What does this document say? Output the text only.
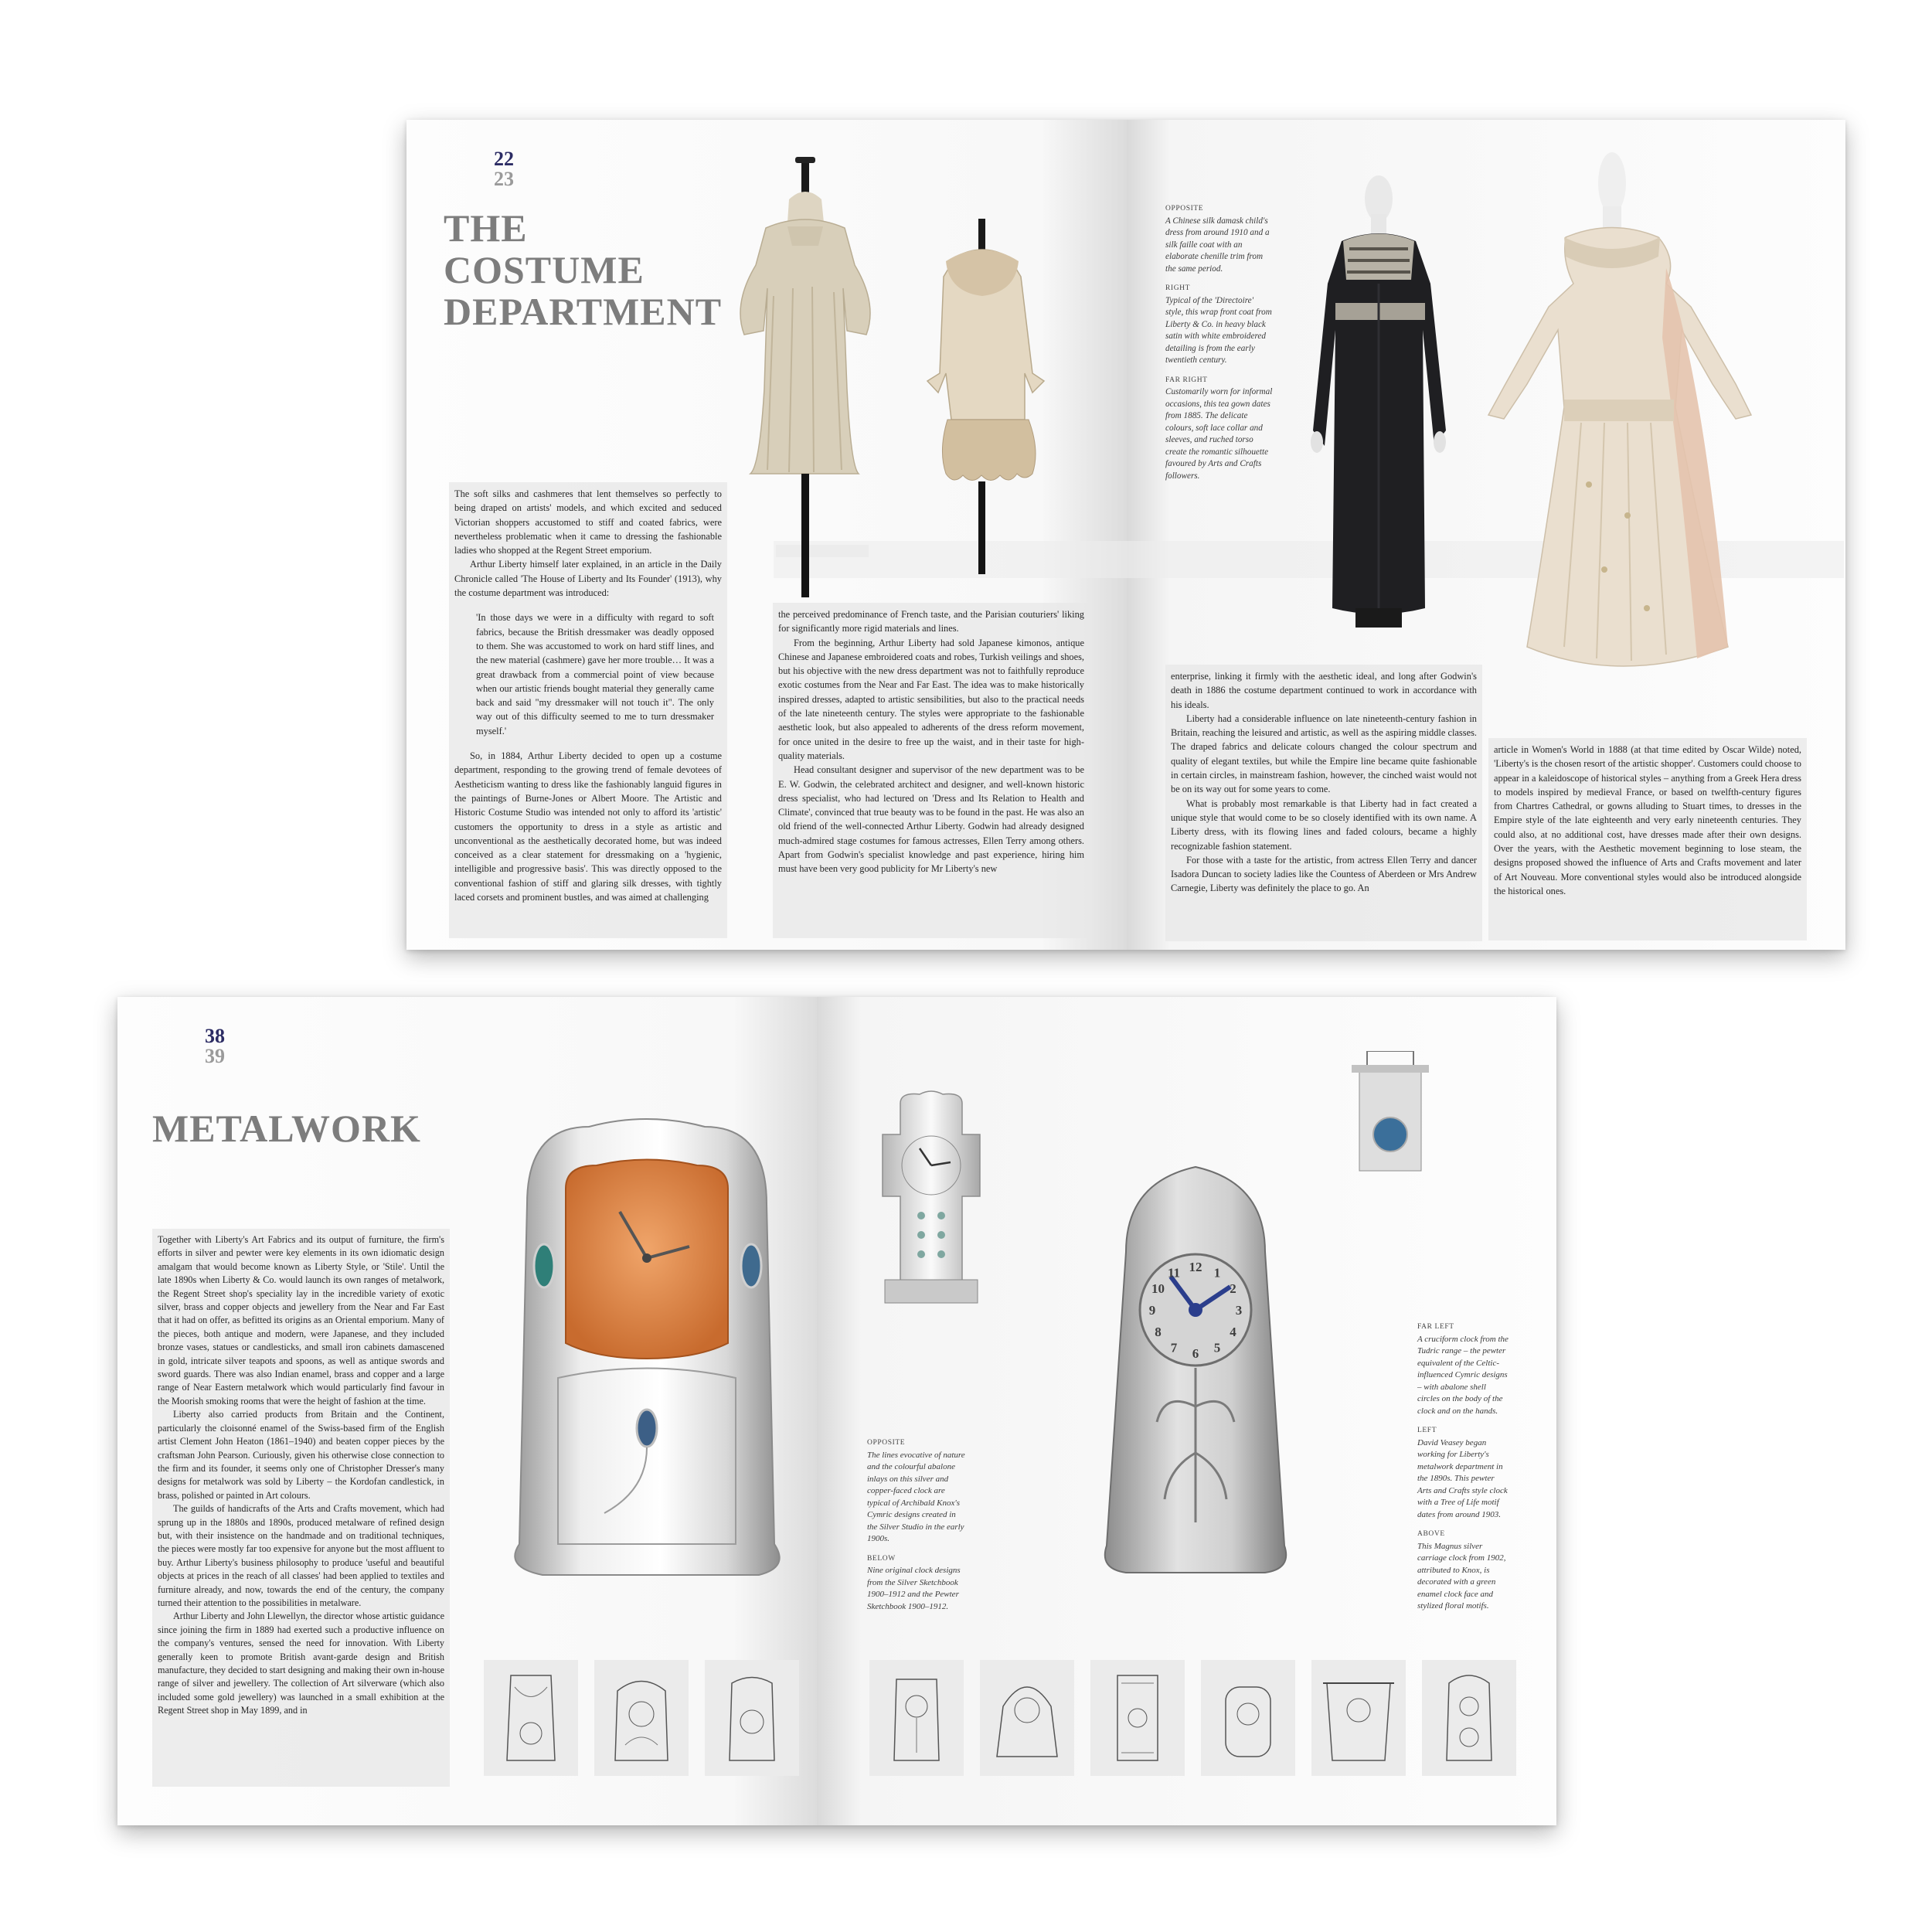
22
23
THE
COSTUME
DEPARTMENT

The soft silks and cashmeres that lent themselves so perfectly to being draped on artists' models, and which excited and seduced Victorian shoppers accustomed to stiff and coated fabrics, were nevertheless problematic when it came to dressing the fashionable ladies who shopped at the Regent Street emporium.

Arthur Liberty himself later explained, in an article in the Daily Chronicle called 'The House of Liberty and Its Founder' (1913), why the costume department was introduced:

'In those days we were in a difficulty with regard to soft fabrics, because the British dressmaker was deadly opposed to them. She was accustomed to work on hard stiff lines, and the new material (cashmere) gave her more trouble… It was a great drawback from a commercial point of view because when our artistic friends bought material they generally came back and said "my dressmaker will not touch it". The only way out of this difficulty seemed to me to turn dressmaker myself.'

So, in 1884, Arthur Liberty decided to open up a costume department, responding to the growing trend of female devotees of Aestheticism wanting to dress like the fashionably languid figures in the paintings of Burne-Jones or Albert Moore. The Artistic and Historic Costume Studio was intended not only to afford its 'artistic' customers the opportunity to dress in a style as artistic and unconventional as the aesthetically decorated home, but was indeed conceived as a clear statement for dressmaking on a 'hygienic, intelligible and progressive basis'. This was directly opposed to the conventional fashion of stiff and glaring silk dresses, with tightly laced corsets and prominent bustles, and was aimed at challenging

the perceived predominance of French taste, and the Parisian couturiers' liking for significantly more rigid materials and lines.

From the beginning, Arthur Liberty had sold Japanese kimonos, antique Chinese and Japanese embroidered coats and robes, Turkish veilings and shoes, but his objective with the new dress department was not to faithfully reproduce exotic costumes from the Near and Far East. The idea was to make historically inspired dresses, adapted to artistic sensibilities, but also to the practical needs of the late nineteenth century. The styles were appropriate to the fashionable aesthetic look, but also appealed to adherents of the dress reform movement, for once united in the desire to free up the waist, and in their taste for high-quality materials.

Head consultant designer and supervisor of the new department was to be E. W. Godwin, the celebrated architect and designer, and well-known historic dress specialist, who had lectured on 'Dress and Its Relation to Health and Climate', convinced that true beauty was to be found in the past. He was also an old friend of the well-connected Arthur Liberty. Godwin had already designed much-admired stage costumes for famous actresses, Ellen Terry among others. Apart from Godwin's specialist knowledge and past experience, hiring him must have been very good publicity for Mr Liberty's new

OPPOSITE
A Chinese silk damask child's dress from around 1910 and a silk faille coat with an elaborate chenille trim from the same period.
RIGHT
Typical of the 'Directoire' style, this wrap front coat from Liberty & Co. in heavy black satin with white embroidered detailing is from the early twentieth century.
FAR RIGHT
Customarily worn for informal occasions, this tea gown dates from 1885. The delicate colours, soft lace collar and sleeves, and ruched torso create the romantic silhouette favoured by Arts and Crafts followers.

enterprise, linking it firmly with the aesthetic ideal, and long after Godwin's death in 1886 the costume department continued to work in accordance with his ideals.

Liberty had a considerable influence on late nineteenth-century fashion in Britain, reaching the leisured and artistic, as well as the aspiring middle classes. The draped fabrics and delicate colours changed the colour spectrum and quality of elegant textiles, but while the Empire line became quite fashionable in certain circles, in mainstream fashion, however, the cinched waist would not be on its way out for some years to come.

What is probably most remarkable is that Liberty had in fact created a unique style that would come to be so closely identified with its own name. A Liberty dress, with its flowing lines and faded colours, became a highly recognizable fashion statement.

For those with a taste for the artistic, from actress Ellen Terry and dancer Isadora Duncan to society ladies like the Countess of Aberdeen or Mrs Andrew Carnegie, Liberty was definitely the place to go. An

article in Women's World in 1888 (at that time edited by Oscar Wilde) noted, 'Liberty's is the chosen resort of the artistic shopper'. Customers could choose to appear in a kaleidoscope of historical styles – anything from a Greek Hera dress to models inspired by medieval France, or based on twelfth-century figures from Chartres Cathedral, or gowns alluding to Stuart times, to dresses in the Empire style of the late eighteenth and very early nineteenth centuries. They could also, at no additional cost, have dresses made after their own designs. Over the years, with the Aesthetic movement beginning to lose steam, the designs proposed showed the influence of Arts and Crafts movement and later of Art Nouveau. More conventional styles would also be introduced alongside the historical ones.

38
39
METALWORK

Together with Liberty's Art Fabrics and its output of furniture, the firm's efforts in silver and pewter were key elements in its own idiomatic design amalgam that would become known as Liberty Style, or 'Stile'. Until the late 1890s when Liberty & Co. would launch its own ranges of metalwork, the Regent Street shop's speciality lay in the incredible variety of exotic silver, brass and copper objects and jewellery from the Near and Far East that it had on offer, as befitted its origins as an Oriental emporium. Many of the pieces, both antique and modern, were Japanese, and they included bronze vases, statues or candlesticks, and small iron cabinets damascened in gold, intricate silver teapots and spoons, as well as antique swords and sword guards. There was also Indian enamel, brass and copper and a large range of Near Eastern metalwork which would particularly find favour in the Moorish smoking rooms that were the height of fashion at the time.

Liberty also carried products from Britain and the Continent, particularly the cloisonné enamel of the Swiss-based firm of the English artist Clement John Heaton (1861–1940) and beaten copper pieces by the craftsman John Pearson. Curiously, given his otherwise close connection to the firm and its founder, it seems only one of Christopher Dresser's many designs for metalwork was sold by Liberty – the Kordofan candlestick, in brass, polished or painted in Art colours.

The guilds of handicrafts of the Arts and Crafts movement, which had sprung up in the 1880s and 1890s, produced metalware of refined design but, with their insistence on the handmade and on traditional techniques, the pieces were mostly far too expensive for anyone but the most affluent to buy. Arthur Liberty's business philosophy to produce 'useful and beautiful objects at prices in the reach of all classes' had been applied to textiles and furniture already, and now, towards the end of the century, the company turned their attention to the possibilities in metalware.

Arthur Liberty and John Llewellyn, the director whose artistic guidance since joining the firm in 1889 had exerted such a productive influence on the company's ventures, sensed the need for innovation. With Liberty generally keen to promote British avant-garde design and British manufacture, they decided to start designing and making their own in-house range of silver and jewellery. The collection of Art silverware (which also included some gold jewellery) was launched in a small exhibition at the Regent Street shop in May 1899, and in

12 1
2
3
4
5
6
7
8
9
10
11
OPPOSITE
The lines evocative of nature and the colourful abalone inlays on this silver and copper-faced clock are typical of Archibald Knox's Cymric designs created in the Silver Studio in the early 1900s.
BELOW
Nine original clock designs from the Silver Sketchbook 1900–1912 and the Pewter Sketchbook 1900–1912.
FAR LEFT
A cruciform clock from the Tudric range – the pewter equivalent of the Celtic-influenced Cymric designs – with abalone shell circles on the body of the clock and on the hands.
LEFT
David Veasey began working for Liberty's metalwork department in the 1890s. This pewter Arts and Crafts style clock with a Tree of Life motif dates from around 1903.
ABOVE
This Magnus silver carriage clock from 1902, attributed to Knox, is decorated with a green enamel clock face and stylized floral motifs.
